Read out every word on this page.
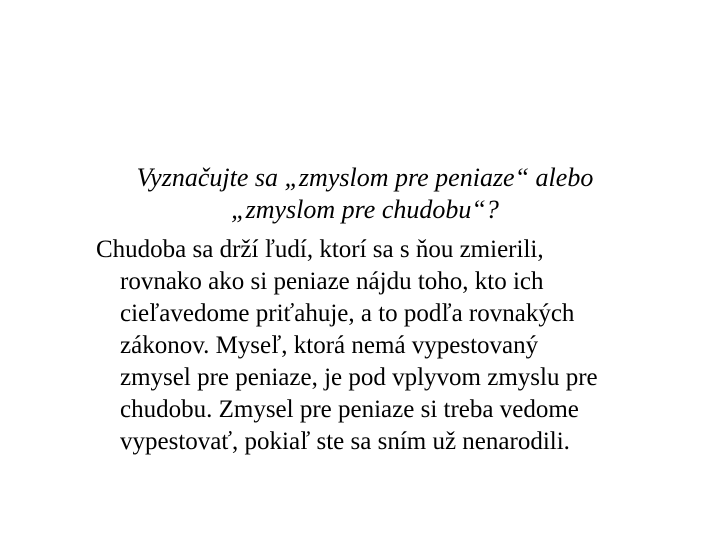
Vyznačujte sa „zmyslom pre peniaze“ alebo
„zmyslom pre chudobu“?
Chudoba sa drží ľudí, ktorí sa s ňou zmierili,
rovnako ako si peniaze nájdu toho, kto ich
cieľavedome priťahuje, a to podľa rovnakých
zákonov. Myseľ, ktorá nemá vypestovaný
zmysel pre peniaze, je pod vplyvom zmyslu pre
chudobu. Zmysel pre peniaze si treba vedome
vypestovať, pokiaľ ste sa sním už nenarodili.
